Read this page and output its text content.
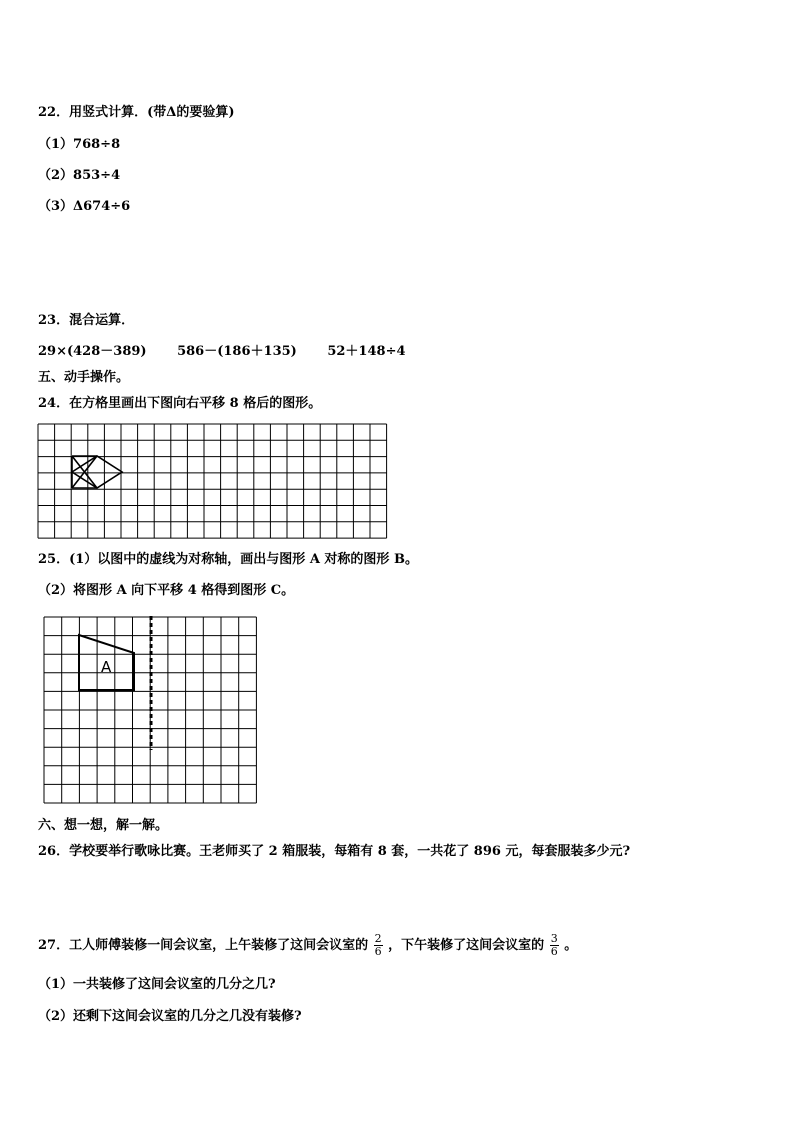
22．用竖式计算．(带Δ的要验算)
（1）768÷8
（2）853÷4
（3）Δ674÷6
23．混合运算．
29×(428－389) 586－(186＋135) 52＋148÷4
五、动手操作。
24．在方格里画出下图向右平移 8 格后的图形。
25．(1）以图中的虚线为对称轴，画出与图形 A 对称的图形 B。
（2）将图形 A 向下平移 4 格得到图形 C。
A
六、想一想，解一解。
26．学校要举行歌咏比赛。王老师买了 2 箱服装，每箱有 8 套，一共花了 896 元，每套服装多少元?
27．工人师傅装修一间会议室，上午装修了这间会议室的 $\frac{2}{6}$ ，下午装修了这间会议室的 $\frac{3}{6}$ 。
（1）一共装修了这间会议室的几分之几?
（2）还剩下这间会议室的几分之几没有装修?
